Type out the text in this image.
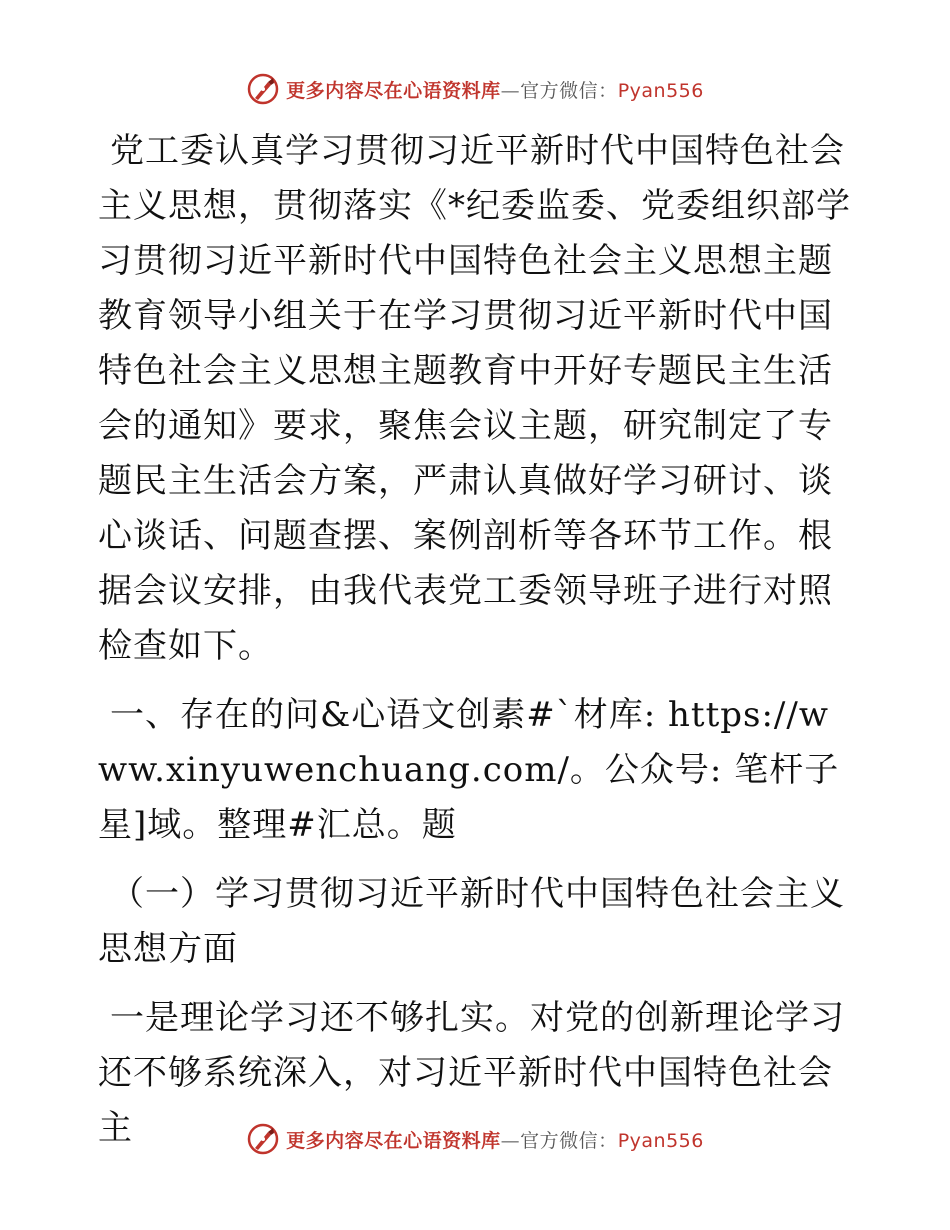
更多内容尽在心语资料库—官方微信：Pyan556

党工委认真学习贯彻习近平新时代中国特色社会主义思想，贯彻落实《*纪委监委、党委组织部学习贯彻习近平新时代中国特色社会主义思想主题教育领导小组关于在学习贯彻习近平新时代中国特色社会主义思想主题教育中开好专题民主生活会的通知》要求，聚焦会议主题，研究制定了专题民主生活会方案，严肃认真做好学习研讨、谈心谈话、问题查摆、案例剖析等各环节工作。根据会议安排，由我代表党工委领导班子进行对照检查如下。

一、存在的问&心语文创素#`材库: https://www.xinyuwenchuang.com/。公众号: 笔杆子星]域。整理#汇总。题

（一）学习贯彻习近平新时代中国特色社会主义思想方面

一是理论学习还不够扎实。对党的创新理论学习还不够系统深入，对习近平新时代中国特色社会主	更多内容尽在心语资料库—官方微信：Pyan556
